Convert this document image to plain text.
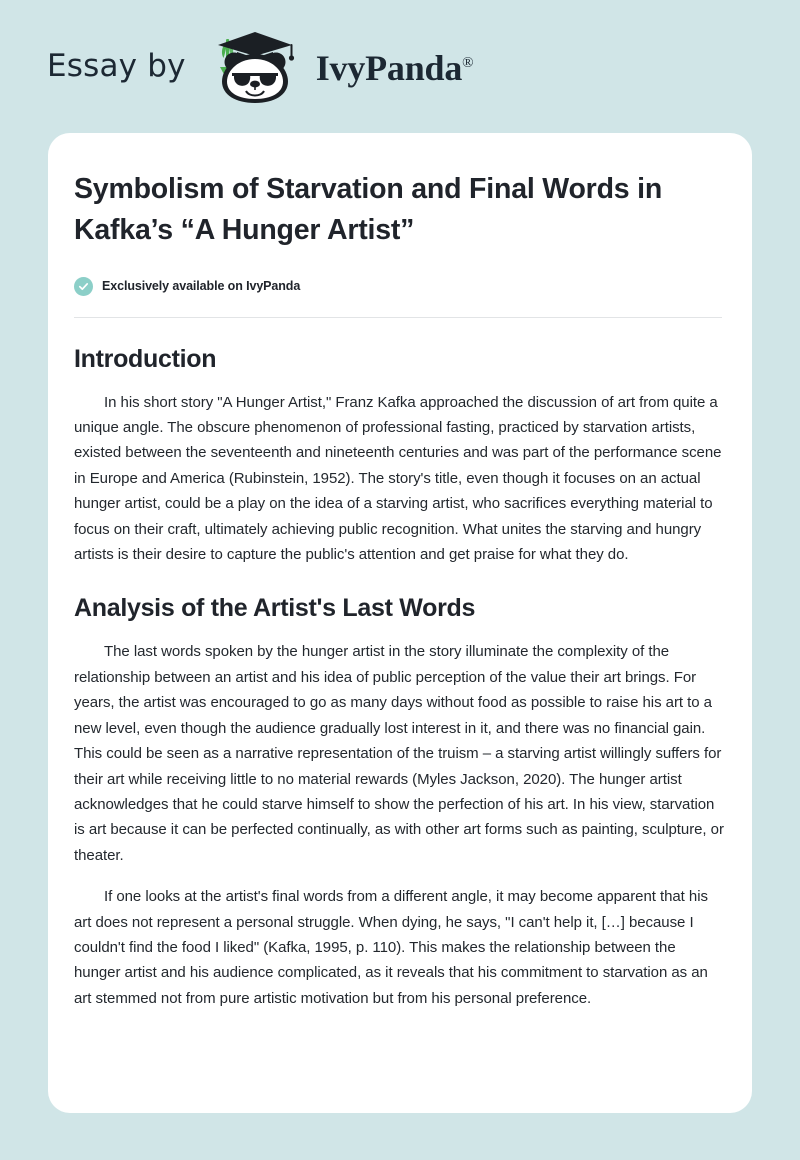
Essay by	IvyPanda®
Symbolism of Starvation and Final Words in Kafka’s “A Hunger Artist”
Exclusively available on IvyPanda
Introduction

In his short story "A Hunger Artist," Franz Kafka approached the discussion of art from quite a unique angle. The obscure phenomenon of professional fasting, practiced by starvation artists, existed between the seventeenth and nineteenth centuries and was part of the performance scene in Europe and America (Rubinstein, 1952). The story's title, even though it focuses on an actual hunger artist, could be a play on the idea of a starving artist, who sacrifices everything material to focus on their craft, ultimately achieving public recognition. What unites the starving and hungry artists is their desire to capture the public's attention and get praise for what they do.

Analysis of the Artist's Last Words

The last words spoken by the hunger artist in the story illuminate the complexity of the relationship between an artist and his idea of public perception of the value their art brings. For years, the artist was encouraged to go as many days without food as possible to raise his art to a new level, even though the audience gradually lost interest in it, and there was no financial gain. This could be seen as a narrative representation of the truism – a starving artist willingly suffers for their art while receiving little to no material rewards (Myles Jackson, 2020). The hunger artist acknowledges that he could starve himself to show the perfection of his art. In his view, starvation is art because it can be perfected continually, as with other art forms such as painting, sculpture, or theater.

If one looks at the artist's final words from a different angle, it may become apparent that his art does not represent a personal struggle. When dying, he says, "I can't help it, […] because I couldn't find the food I liked" (Kafka, 1995, p. 110). This makes the relationship between the hunger artist and his audience complicated, as it reveals that his commitment to starvation as an art stemmed not from pure artistic motivation but from his personal preference.
